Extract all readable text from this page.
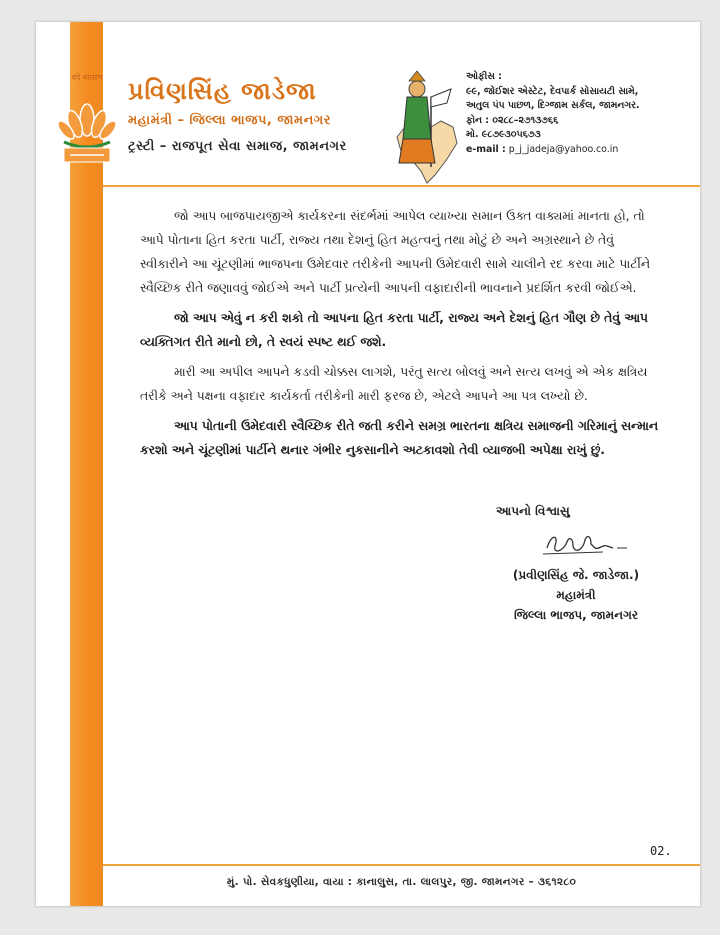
वंदे मातरम પ્રવિણસિંહ જાડેજા
મહામંત્રી – જિલ્લા ભાજપ, જામનગર
ટ્રસ્ટી – રાજપૂત સેવા સમાજ, જામનગર
ઓફીસ :
૯૯, જોઈશર એસ્ટેટ, દેવપાર્ક સોસાયટી સામે,
અતુલ પંપ પાછળ, દિગ્જામ સર્કલ, જામનગર.
ફોન : ૦૨૮૮–૨૭૧૩૭૬૬
મો. ૯૮૭૯૩૦૫૬૭૩
e-mail : p_j_jadeja@yahoo.co.in

જો આપ બાજપાયજીએ કાર્યકરના સંદર્ભમાં આપેલ વ્યાખ્યા સમાન ઉક્ત વાક્યમાં માનતા હો, તો આપે પોતાના હિત કરતા પાર્ટી, રાજ્ય તથા દેશનું હિત મહત્વનું તથા મોટું છે અને અગ્રસ્થાને છે તેવું સ્વીકારીને આ ચૂંટણીમાં ભાજપના ઉમેદવાર તરીકેની આપની ઉમેદવારી સામે ચાલીને રદ કરવા માટે પાર્ટીને સ્વૈચ્છિક રીતે જણાવવું જોઈએ અને પાર્ટી પ્રત્યેની આપની વફાદારીની ભાવનાને પ્રદર્શિત કરવી જોઈએ.

જો આપ એવું ન કરી શકો તો આપના હિત કરતા પાર્ટી, રાજ્ય અને દેશનું હિત ગૌણ છે તેવું આપ વ્યક્તિગત રીતે માનો છો, તે સ્વયં સ્પષ્ટ થઈ જશે.

મારી આ અપીલ આપને કડવી ચોક્કસ લાગશે, પરંતુ સત્ય બોલવું અને સત્ય લખવું એ એક ક્ષત્રિય તરીકે અને પક્ષના વફાદાર કાર્યકર્તા તરીકેની મારી ફરજ છે, એટલે આપને આ પત્ર લખ્યો છે.

આપ પોતાની ઉમેદવારી સ્વૈચ્છિક રીતે જતી કરીને સમગ્ર ભારતના ક્ષત્રિય સમાજની ગરિમાનું સન્માન કરશો અને ચૂંટણીમાં પાર્ટીને થનાર ગંભીર નુકસાનીને અટકાવશો તેવી વ્યાજબી અપેક્ષા રાખું છું.

આપનો વિશ્વાસુ
(પ્રવીણસિંહ જે. જાડેજા.)
મહામંત્રી
જિલ્લા ભાજપ, જામનગર
02.
મું. પો. સેવકધુણીયા, વાયા : કાનાલુસ, તા. લાલપુર, જી. જામનગર – ૩૬૧૨૮૦
